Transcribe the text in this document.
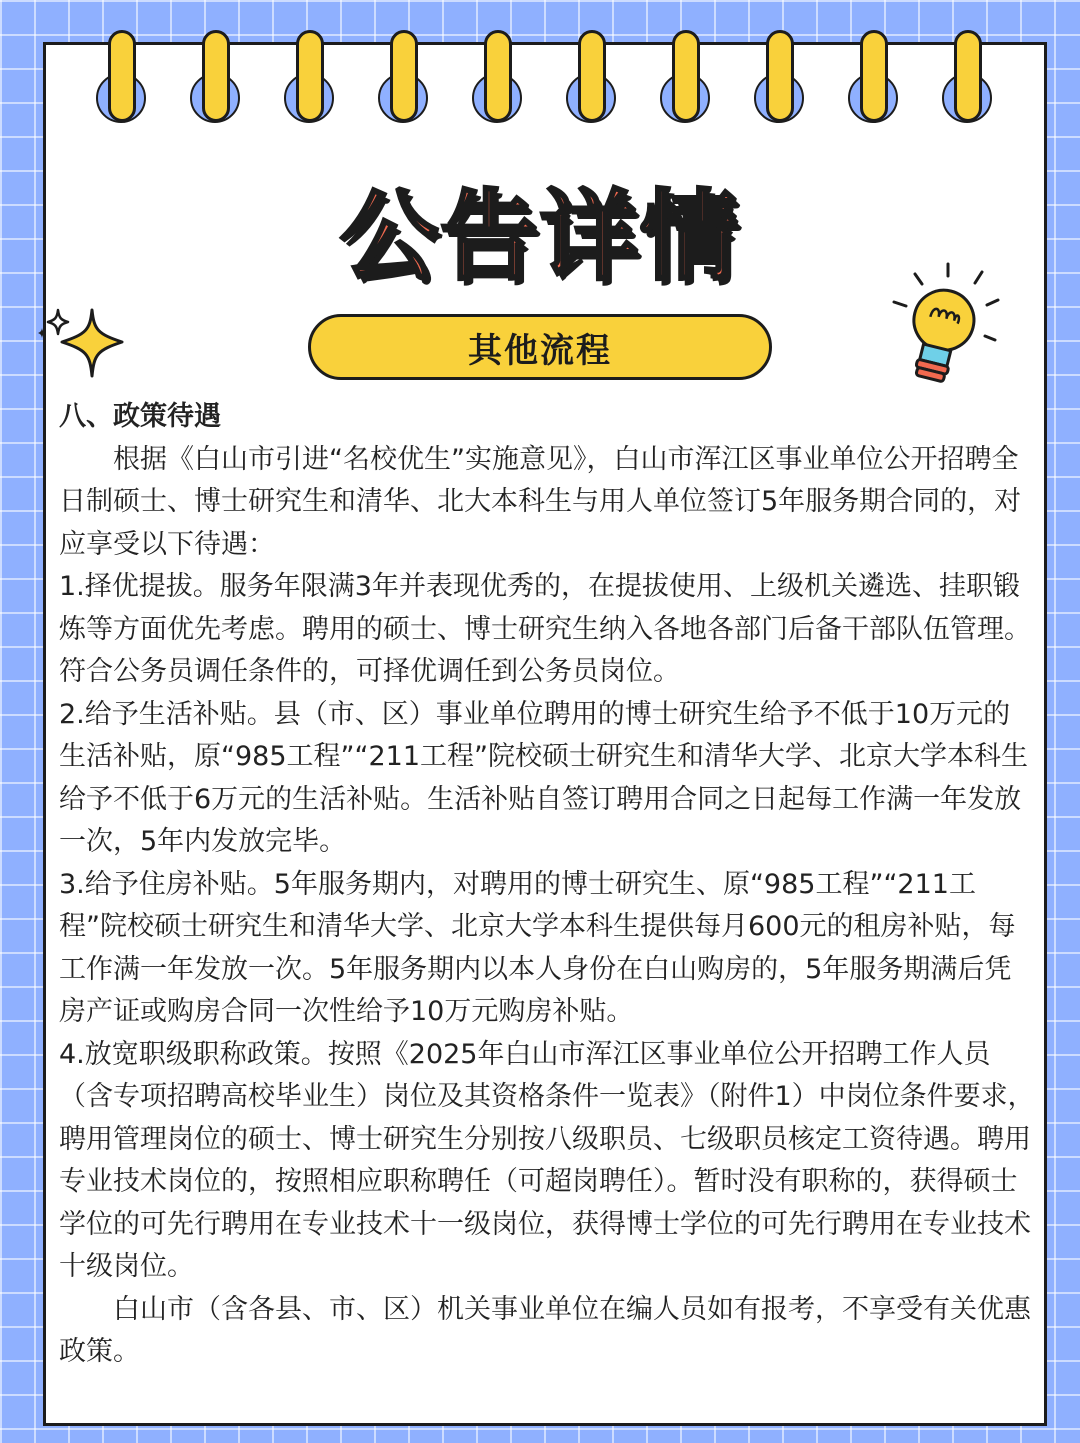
公告详情
其他流程

八、政策待遇

根据《白山市引进“名校优生”实施意见》，白山市浑江区事业单位公开招聘全日制硕士、博士研究生和清华、北大本科生与用人单位签订5年服务期合同的，对应享受以下待遇：

1.择优提拔。服务年限满3年并表现优秀的，在提拔使用、上级机关遴选、挂职锻炼等方面优先考虑。聘用的硕士、博士研究生纳入各地各部门后备干部队伍管理。符合公务员调任条件的，可择优调任到公务员岗位。

2.给予生活补贴。县（市、区）事业单位聘用的博士研究生给予不低于10万元的生活补贴，原“985工程”“211工程”院校硕士研究生和清华大学、北京大学本科生给予不低于6万元的生活补贴。生活补贴自签订聘用合同之日起每工作满一年发放一次，5年内发放完毕。

3.给予住房补贴。5年服务期内，对聘用的博士研究生、原“985工程”“211工程”院校硕士研究生和清华大学、北京大学本科生提供每月600元的租房补贴，每工作满一年发放一次。5年服务期内以本人身份在白山购房的，5年服务期满后凭房产证或购房合同一次性给予10万元购房补贴。

4.放宽职级职称政策。按照《2025年白山市浑江区事业单位公开招聘工作人员（含专项招聘高校毕业生）岗位及其资格条件一览表》（附件1）中岗位条件要求，聘用管理岗位的硕士、博士研究生分别按八级职员、七级职员核定工资待遇。聘用专业技术岗位的，按照相应职称聘任（可超岗聘任）。暂时没有职称的，获得硕士学位的可先行聘用在专业技术十一级岗位，获得博士学位的可先行聘用在专业技术十级岗位。

白山市（含各县、市、区）机关事业单位在编人员如有报考，不享受有关优惠政策。
